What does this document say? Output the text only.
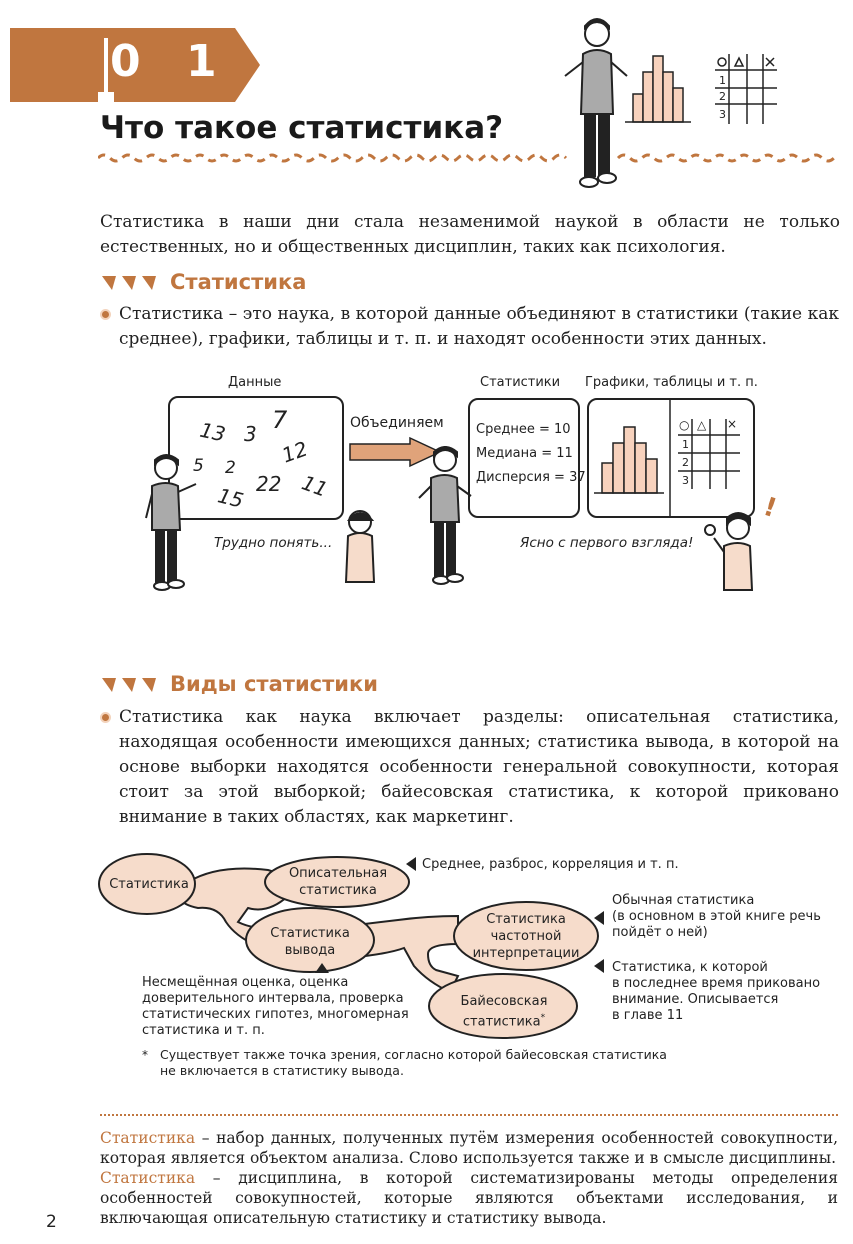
0 1
Что такое статистика?
1
2
3
Статистика в наши дни стала незаменимой наукой в области не только естественных, но и общественных дисциплин, таких как психология.
Статистика
Статистика – это наука, в которой данные объединяют в статистики (такие как среднее), графики, таблицы и т. п. и находят особенности этих данных.
Данные
13 3 7
5 2
12
15 22 11
Объединяем
Статистики
Среднее = 10
Медиана = 11
Дисперсия = 37
Графики, таблицы и т. п.
○ △ ×
1
2
3
Трудно понять...	Ясно с первого взгляда!
!
Виды статистики
Статистика как наука включает разделы: описательная статистика, находящая особенности имеющихся данных; статистика вывода, в которой на основе выборки находятся особенности генеральной совокупности, которая стоит за этой выборкой; байесовская статистика, к которой приковано внимание в таких областях, как маркетинг.
Статистика
Описательная
статистика
Статистика
вывода
Статистика
частотной
интерпретации
Байесовская
статистика*
Среднее, разброс, корреляция и т. п.
Обычная статистика
(в основном в этой книге речь
пойдёт о ней)
Статистика, к которой
в последнее время приковано
внимание. Описывается
в главе 11
Несмещённая оценка, оценка
доверительного интервала, проверка
статистических гипотез, многомерная
статистика и т. п.
* Существует также точка зрения, согласно которой байесовская статистика
не включается в статистику вывода.
Статистика – набор данных, полученных путём измерения особенностей совокупности, которая является объектом анализа. Слово используется также и в смысле дисциплины.
Статистика – дисциплина, в которой систематизированы методы определения особенностей совокупностей, которые являются объектами исследования, и включающая описательную статистику и статистику вывода.
2
